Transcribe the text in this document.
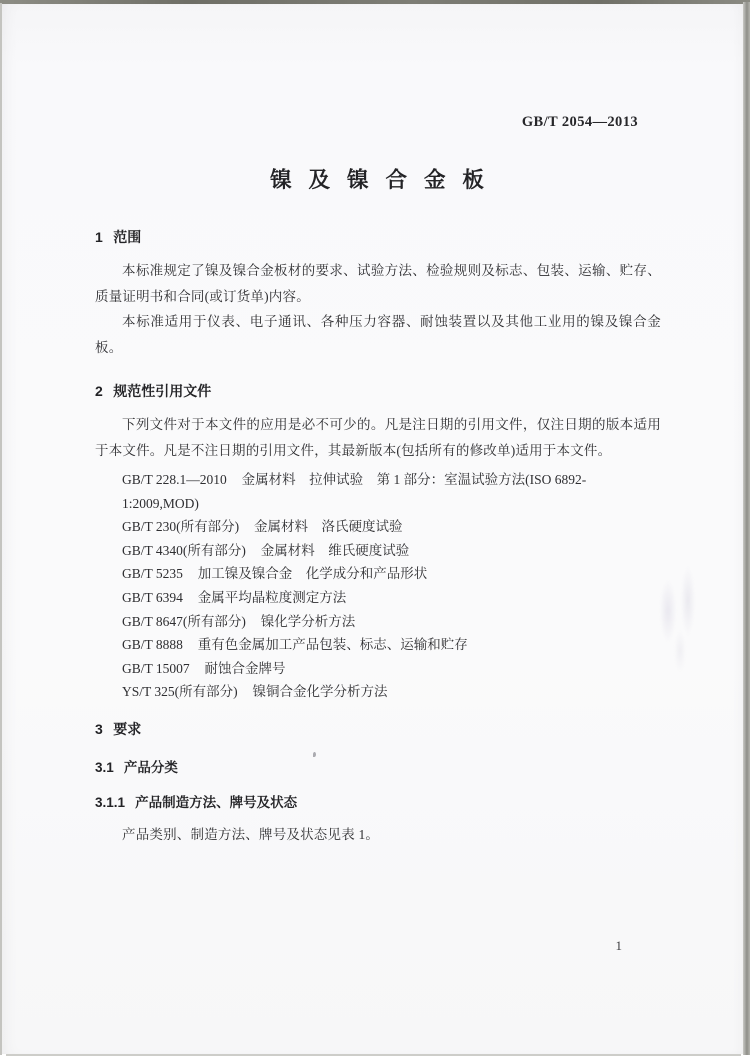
GB/T 2054—2013
镍 及 镍 合 金 板
1 范围

本标准规定了镍及镍合金板材的要求、试验方法、检验规则及标志、包装、运输、贮存、质量证明书和合同(或订货单)内容。

本标准适用于仪表、电子通讯、各种压力容器、耐蚀装置以及其他工业用的镍及镍合金板。

2 规范性引用文件

下列文件对于本文件的应用是必不可少的。凡是注日期的引用文件，仅注日期的版本适用于本文件。凡是不注日期的引用文件，其最新版本(包括所有的修改单)适用于本文件。

GB/T 228.1—2010 金属材料　拉伸试验　第 1 部分：室温试验方法(ISO 6892-1:2009,MOD)
GB/T 230(所有部分) 金属材料　洛氏硬度试验
GB/T 4340(所有部分) 金属材料　维氏硬度试验
GB/T 5235 加工镍及镍合金　化学成分和产品形状
GB/T 6394 金属平均晶粒度测定方法
GB/T 8647(所有部分) 镍化学分析方法
GB/T 8888 重有色金属加工产品包装、标志、运输和贮存
GB/T 15007 耐蚀合金牌号
YS/T 325(所有部分) 镍铜合金化学分析方法
3 要求
3.1 产品分类
3.1.1 产品制造方法、牌号及状态

产品类别、制造方法、牌号及状态见表 1。

1
